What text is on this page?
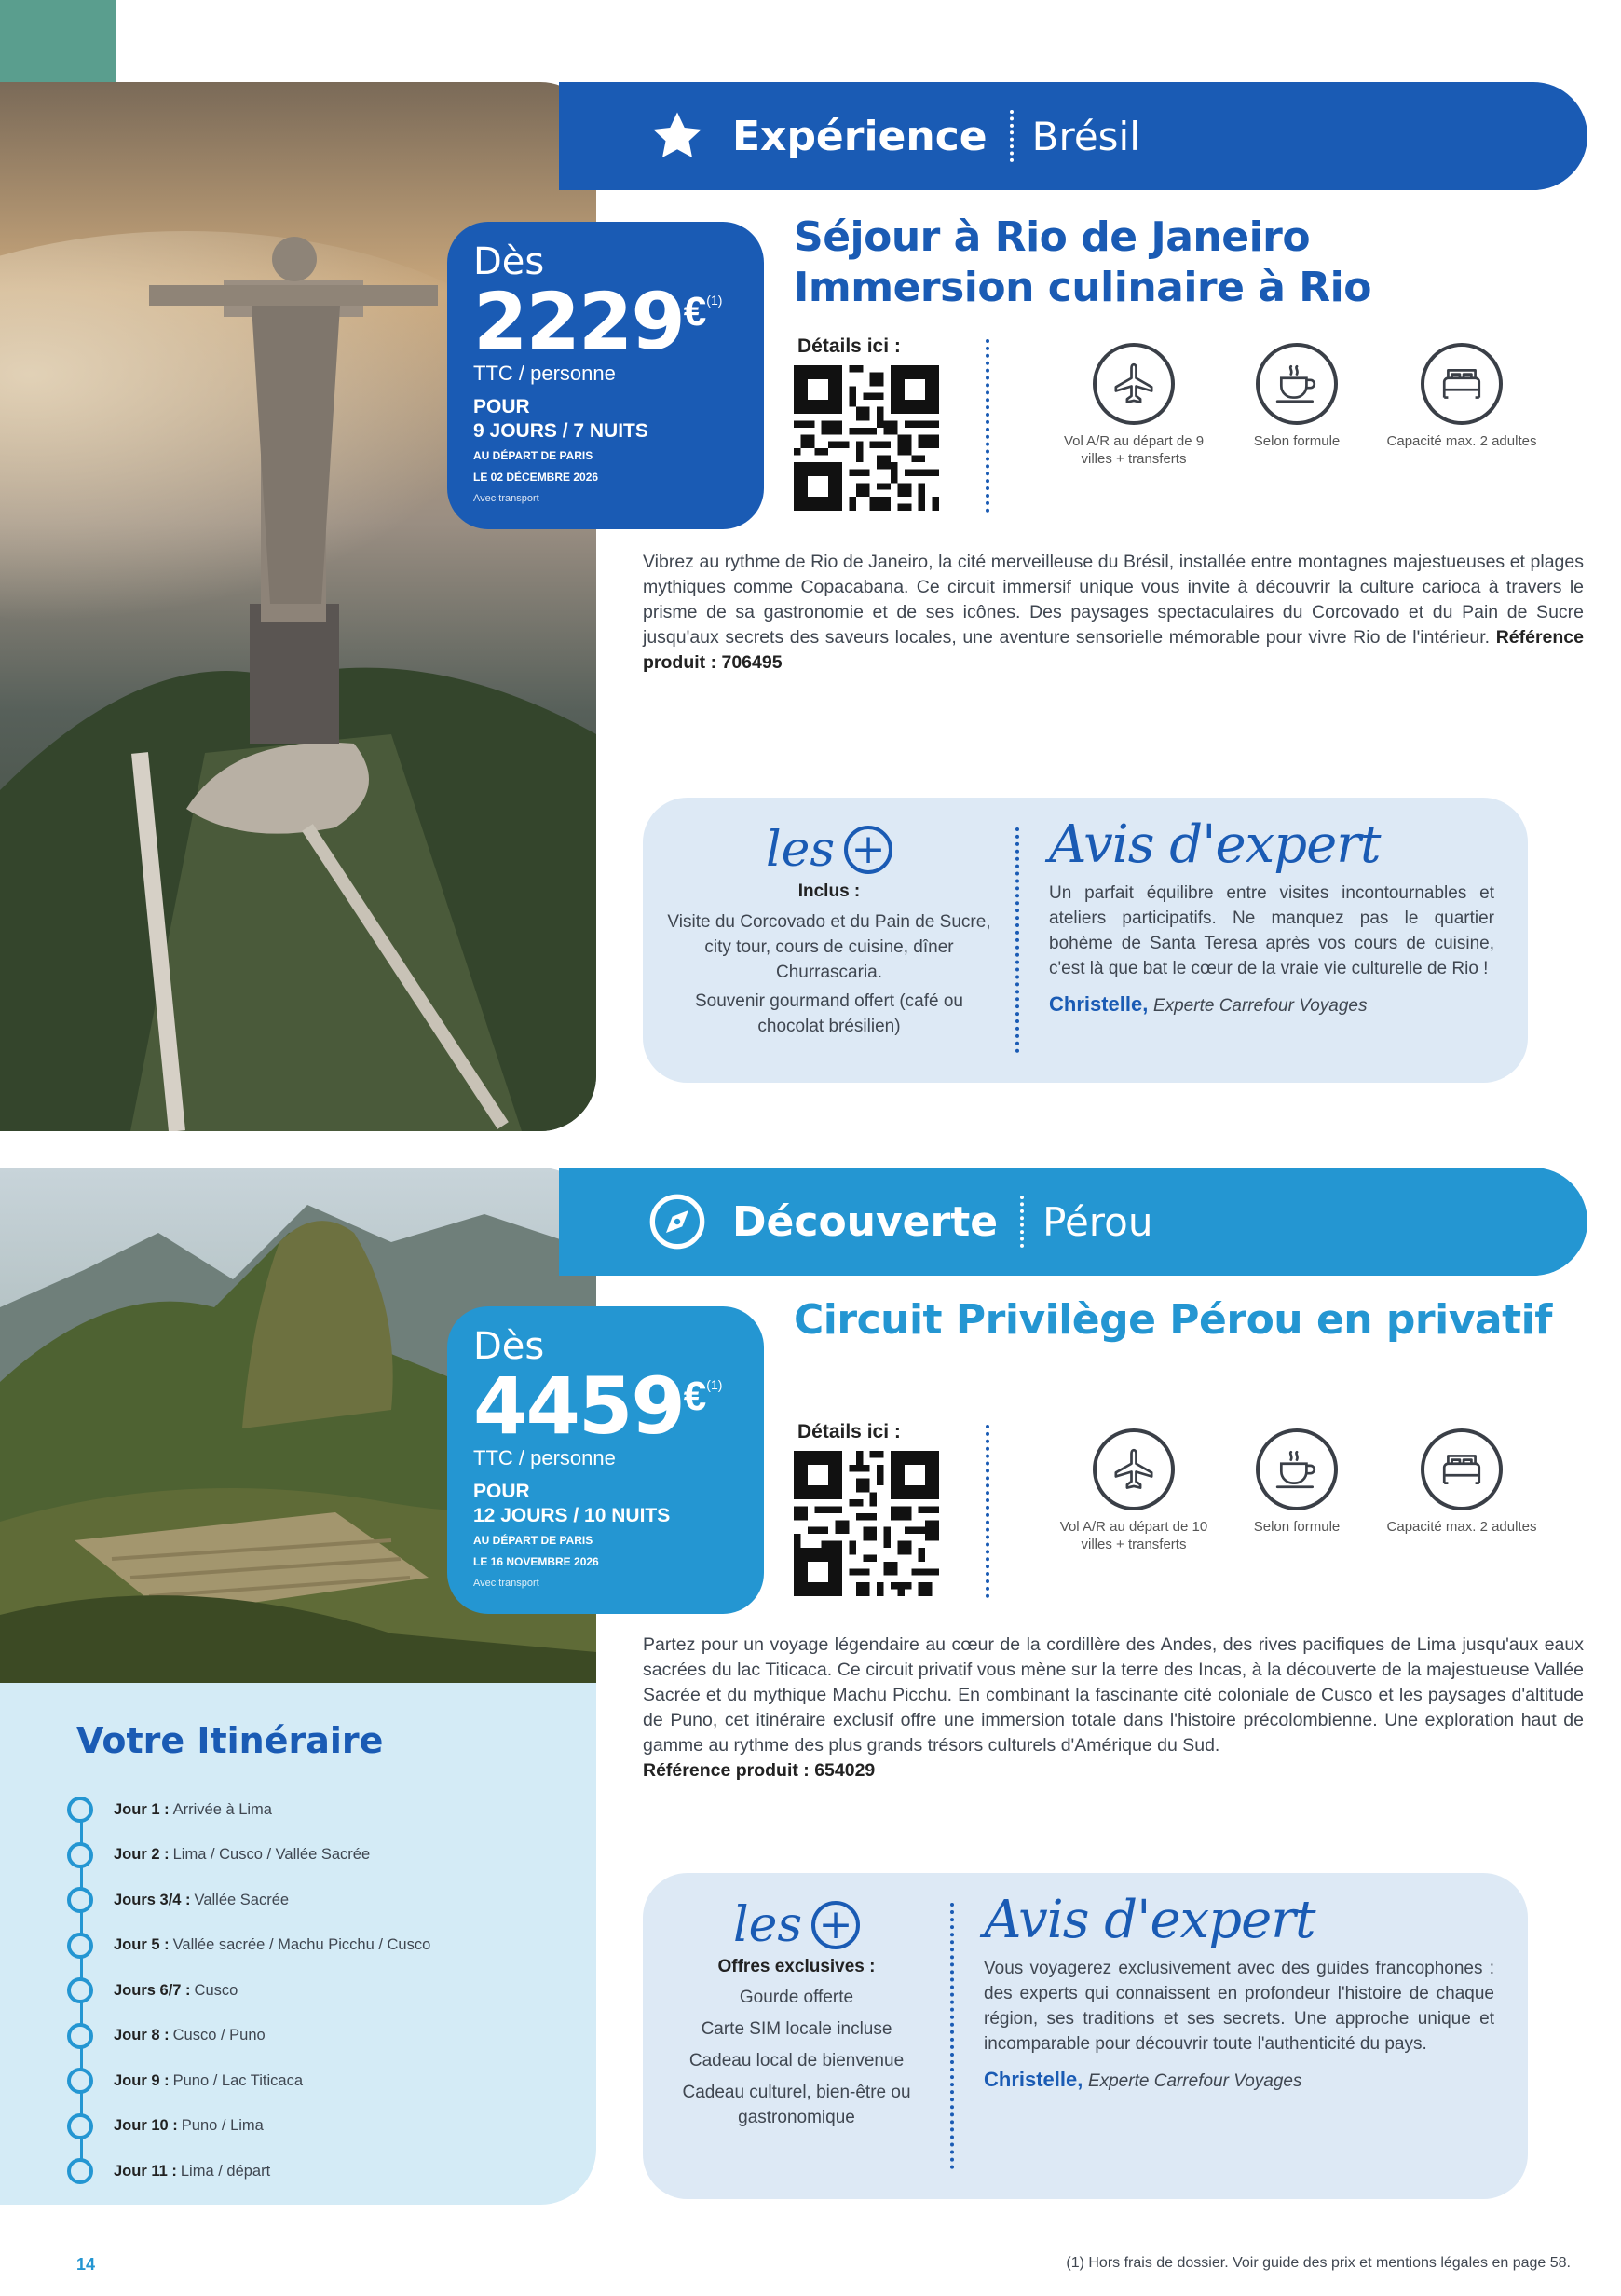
Expérience Brésil
Dès
2229 € (1)
TTC / personne
POUR
9 JOURS / 7 NUITS
AU DÉPART DE PARIS
LE 02 DÉCEMBRE 2026
Avec transport
Séjour à Rio de Janeiro
Immersion culinaire à Rio
Détails ici :
Vol A/R au départ de 9 villes + transferts
Selon formule	Capacité max. 2 adultes
Vibrez au rythme de Rio de Janeiro, la cité merveilleuse du Brésil, installée entre montagnes majestueuses et plages mythiques comme Copacabana. Ce circuit immersif unique vous invite à découvrir la culture carioca à travers le prisme de sa gastronomie et de ses icônes. Des paysages spectaculaires du Corcovado et du Pain de Sucre jusqu'aux secrets des saveurs locales, une aventure sensorielle mémorable pour vivre Rio de l'intérieur. Référence produit : 706495
les +
Inclus :
Visite du Corcovado et du Pain de Sucre, city tour, cours de cuisine, dîner Churrascaria.
Souvenir gourmand offert (café ou chocolat brésilien)
Avis d'expert
Un parfait équilibre entre visites incontournables et ateliers participatifs. Ne manquez pas le quartier bohème de Santa Teresa après vos cours de cuisine, c'est là que bat le cœur de la vraie vie culturelle de Rio !
Christelle, Experte Carrefour Voyages
Découverte Pérou
Dès
4459 € (1)
TTC / personne
POUR
12 JOURS / 10 NUITS
AU DÉPART DE PARIS
LE 16 NOVEMBRE 2026
Avec transport
Circuit Privilège Pérou en privatif
Détails ici :
Vol A/R au départ de 10 villes + transferts
Selon formule	Capacité max. 2 adultes
Partez pour un voyage légendaire au cœur de la cordillère des Andes, des rives pacifiques de Lima jusqu'aux eaux sacrées du lac Titicaca. Ce circuit privatif vous mène sur la terre des Incas, à la découverte de la majestueuse Vallée Sacrée et du mythique Machu Picchu. En combinant la fascinante cité coloniale de Cusco et les paysages d'altitude de Puno, cet itinéraire exclusif offre une immersion totale dans l'histoire précolombienne. Une exploration haut de gamme au rythme des plus grands trésors culturels d'Amérique du Sud.
Référence produit : 654029
les +
Offres exclusives :
Gourde offerte
Carte SIM locale incluse
Cadeau local de bienvenue
Cadeau culturel, bien-être ou gastronomique
Avis d'expert
Vous voyagerez exclusivement avec des guides francophones : des experts qui connaissent en profondeur l'histoire de chaque région, ses traditions et ses secrets. Une approche unique et incomparable pour découvrir toute l'authenticité du pays.
Christelle, Experte Carrefour Voyages
Votre Itinéraire
Jour 1 : Arrivée à Lima
Jour 2 : Lima / Cusco / Vallée Sacrée
Jours 3/4 : Vallée Sacrée
Jour 5 : Vallée sacrée / Machu Picchu / Cusco
Jours 6/7 : Cusco
Jour 8 : Cusco / Puno
Jour 9 : Puno / Lac Titicaca
Jour 10 : Puno / Lima
Jour 11 : Lima / départ
14	(1) Hors frais de dossier. Voir guide des prix et mentions légales en page 58.
